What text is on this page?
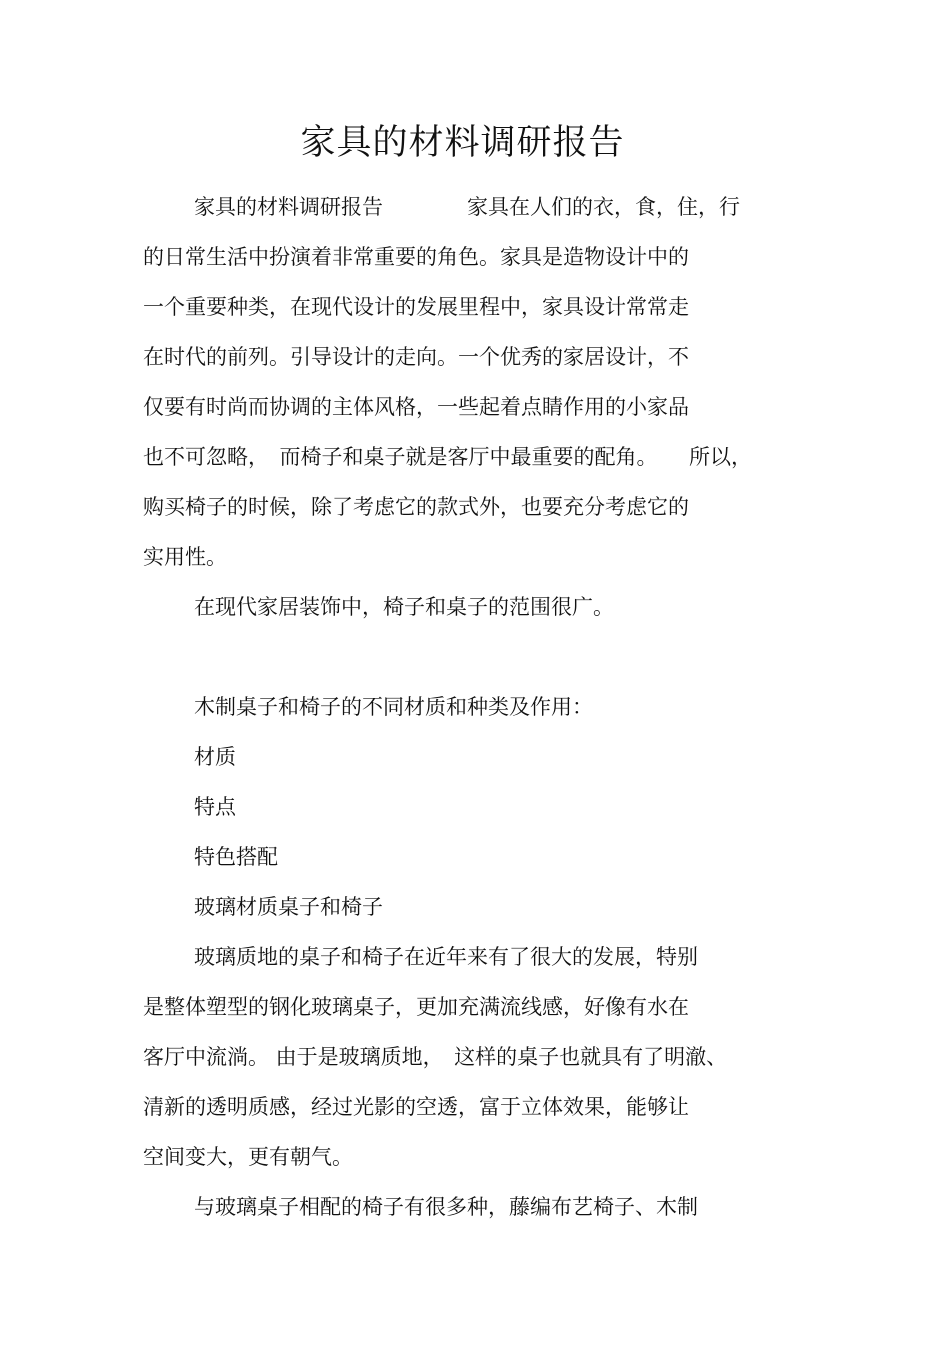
家具的材料调研报告

家具的材料调研报告　　　　家具在人们的衣，食，住，行

的日常生活中扮演着非常重要的角色。家具是造物设计中的

一个重要种类，在现代设计的发展里程中，家具设计常常走

在时代的前列。引导设计的走向。一个优秀的家居设计，不

仅要有时尚而协调的主体风格，一些起着点睛作用的小家品

也不可忽略，　而椅子和桌子就是客厅中最重要的配角。　　所以，

购买椅子的时候，除了考虑它的款式外，也要充分考虑它的

实用性。

在现代家居装饰中，椅子和桌子的范围很广。

木制桌子和椅子的不同材质和种类及作用：

材质

特点

特色搭配

玻璃材质桌子和椅子

玻璃质地的桌子和椅子在近年来有了很大的发展，特别

是整体塑型的钢化玻璃桌子，更加充满流线感，好像有水在

客厅中流淌。 由于是玻璃质地，　这样的桌子也就具有了明澈、

清新的透明质感，经过光影的空透，富于立体效果，能够让

空间变大，更有朝气。

与玻璃桌子相配的椅子有很多种，藤编布艺椅子、木制
